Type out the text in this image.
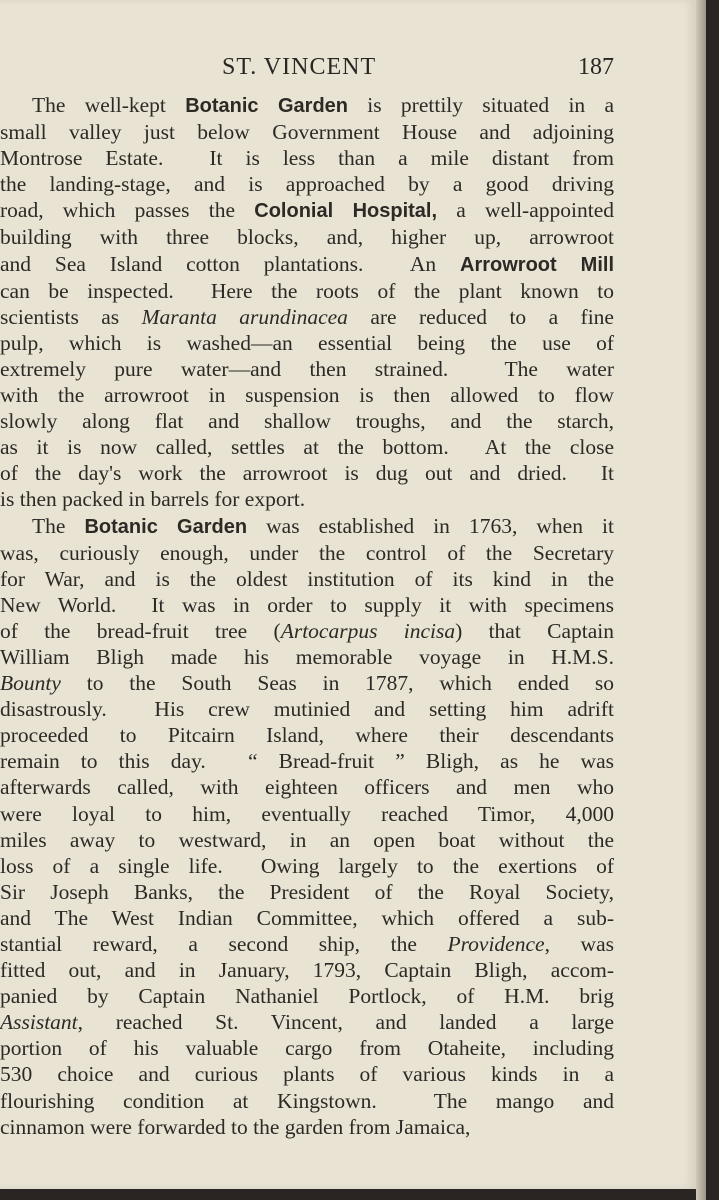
ST. VINCENT	187
The well-kept Botanic Garden is prettily situated in a
small valley just below Government House and adjoining
Montrose Estate.  It is less than a mile distant from
the landing-stage, and is approached by a good driving
road, which passes the Colonial Hospital, a well-appointed
building with three blocks, and, higher up, arrowroot
and Sea Island cotton plantations.  An Arrowroot Mill
can be inspected.  Here the roots of the plant known to
scientists as Maranta arundinacea are reduced to a fine
pulp, which is washed—an essential being the use of
extremely pure water—and then strained.  The water
with the arrowroot in suspension is then allowed to flow
slowly along flat and shallow troughs, and the starch,
as it is now called, settles at the bottom.  At the close
of the day's work the arrowroot is dug out and dried.  It
is then packed in barrels for export.
The Botanic Garden was established in 1763, when it
was, curiously enough, under the control of the Secretary
for War, and is the oldest institution of its kind in the
New World.  It was in order to supply it with specimens
of the bread-fruit tree (Artocarpus incisa) that Captain
William Bligh made his memorable voyage in H.M.S.
Bounty to the South Seas in 1787, which ended so
disastrously.  His crew mutinied and setting him adrift
proceeded to Pitcairn Island, where their descendants
remain to this day.  “ Bread-fruit ” Bligh, as he was
afterwards called, with eighteen officers and men who
were loyal to him, eventually reached Timor, 4,000
miles away to westward, in an open boat without the
loss of a single life.  Owing largely to the exertions of
Sir Joseph Banks, the President of the Royal Society,
and The West Indian Committee, which offered a sub-
stantial reward, a second ship, the Providence, was
fitted out, and in January, 1793, Captain Bligh, accom-
panied by Captain Nathaniel Portlock, of H.M. brig
Assistant, reached St. Vincent, and landed a large
portion of his valuable cargo from Otaheite, including
530 choice and curious plants of various kinds in a
flourishing condition at Kingstown.  The mango and
cinnamon were forwarded to the garden from Jamaica,
